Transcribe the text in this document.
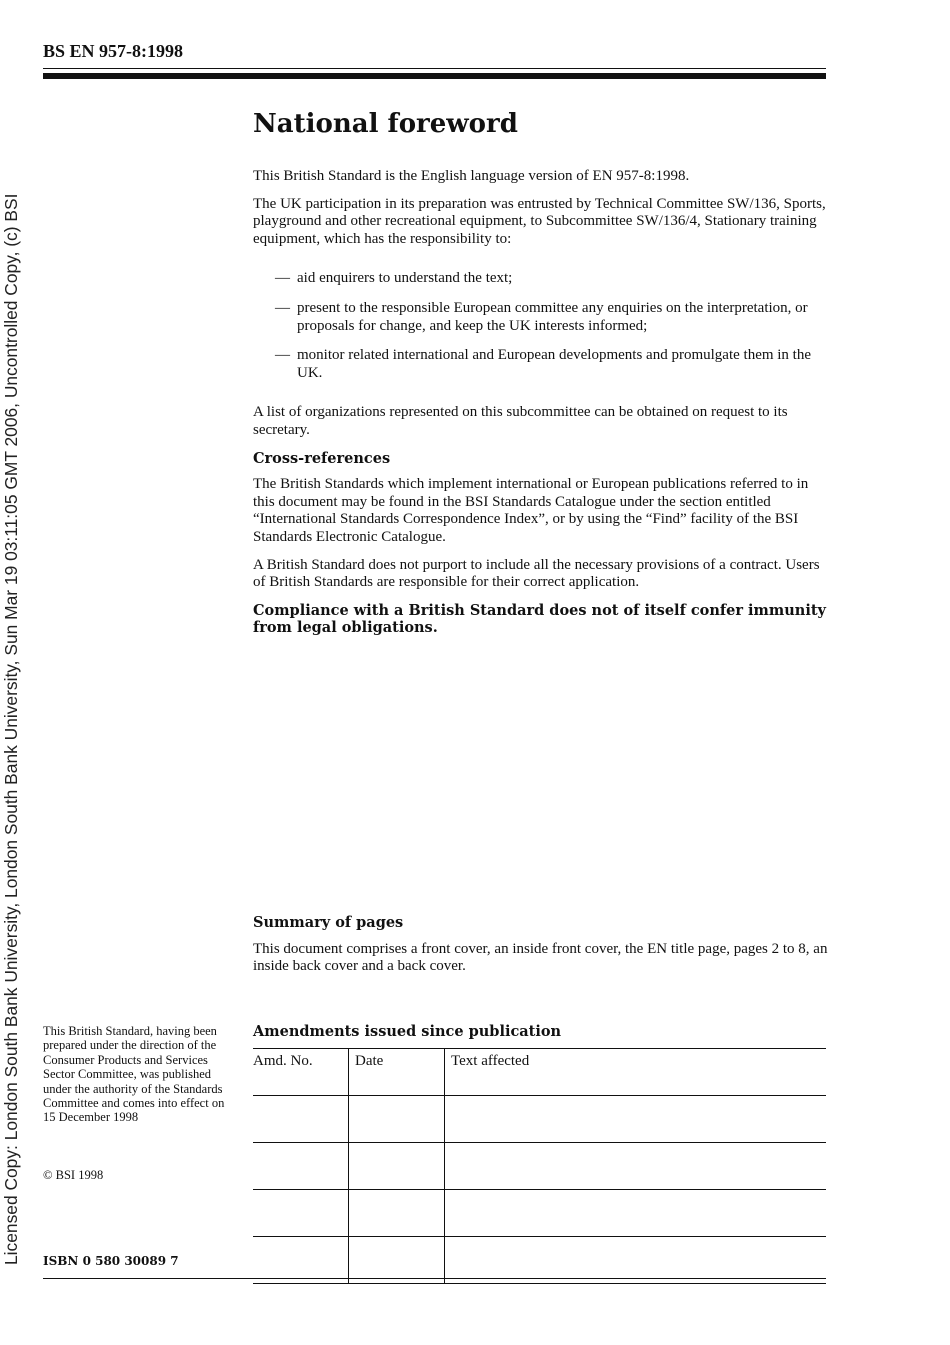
Licensed Copy: London South Bank University, London South Bank University, Sun Mar 19 03:11:05 GMT 2006, Uncontrolled Copy, (c) BSI
BS EN 957-8:1998
National foreword

This British Standard is the English language version of EN 957-8:1998.

The UK participation in its preparation was entrusted by Technical Committee SW/136, Sports, playground and other recreational equipment, to Subcommittee SW/136/4, Stationary training equipment, which has the responsibility to:

— aid enquirers to understand the text;
— present to the responsible European committee any enquiries on the interpretation, or proposals for change, and keep the UK interests informed;
— monitor related international and European developments and promulgate them in the UK.

A list of organizations represented on this subcommittee can be obtained on request to its secretary.

Cross-references

The British Standards which implement international or European publications referred to in this document may be found in the BSI Standards Catalogue under the section entitled “International Standards Correspondence Index”, or by using the “Find” facility of the BSI Standards Electronic Catalogue.

A British Standard does not purport to include all the necessary provisions of a contract. Users of British Standards are responsible for their correct application.

Compliance with a British Standard does not of itself confer immunity from legal obligations.

Summary of pages

This document comprises a front cover, an inside front cover, the EN title page, pages 2 to 8, an inside back cover and a back cover.

Amendments issued since publication
Amd. No.	Date	Text affected

This British Standard, having been prepared under the direction of the Consumer Products and Services Sector Committee, was published under the authority of the Standards Committee and comes into effect on 15 December 1998

© BSI 1998

ISBN 0 580 30089 7
